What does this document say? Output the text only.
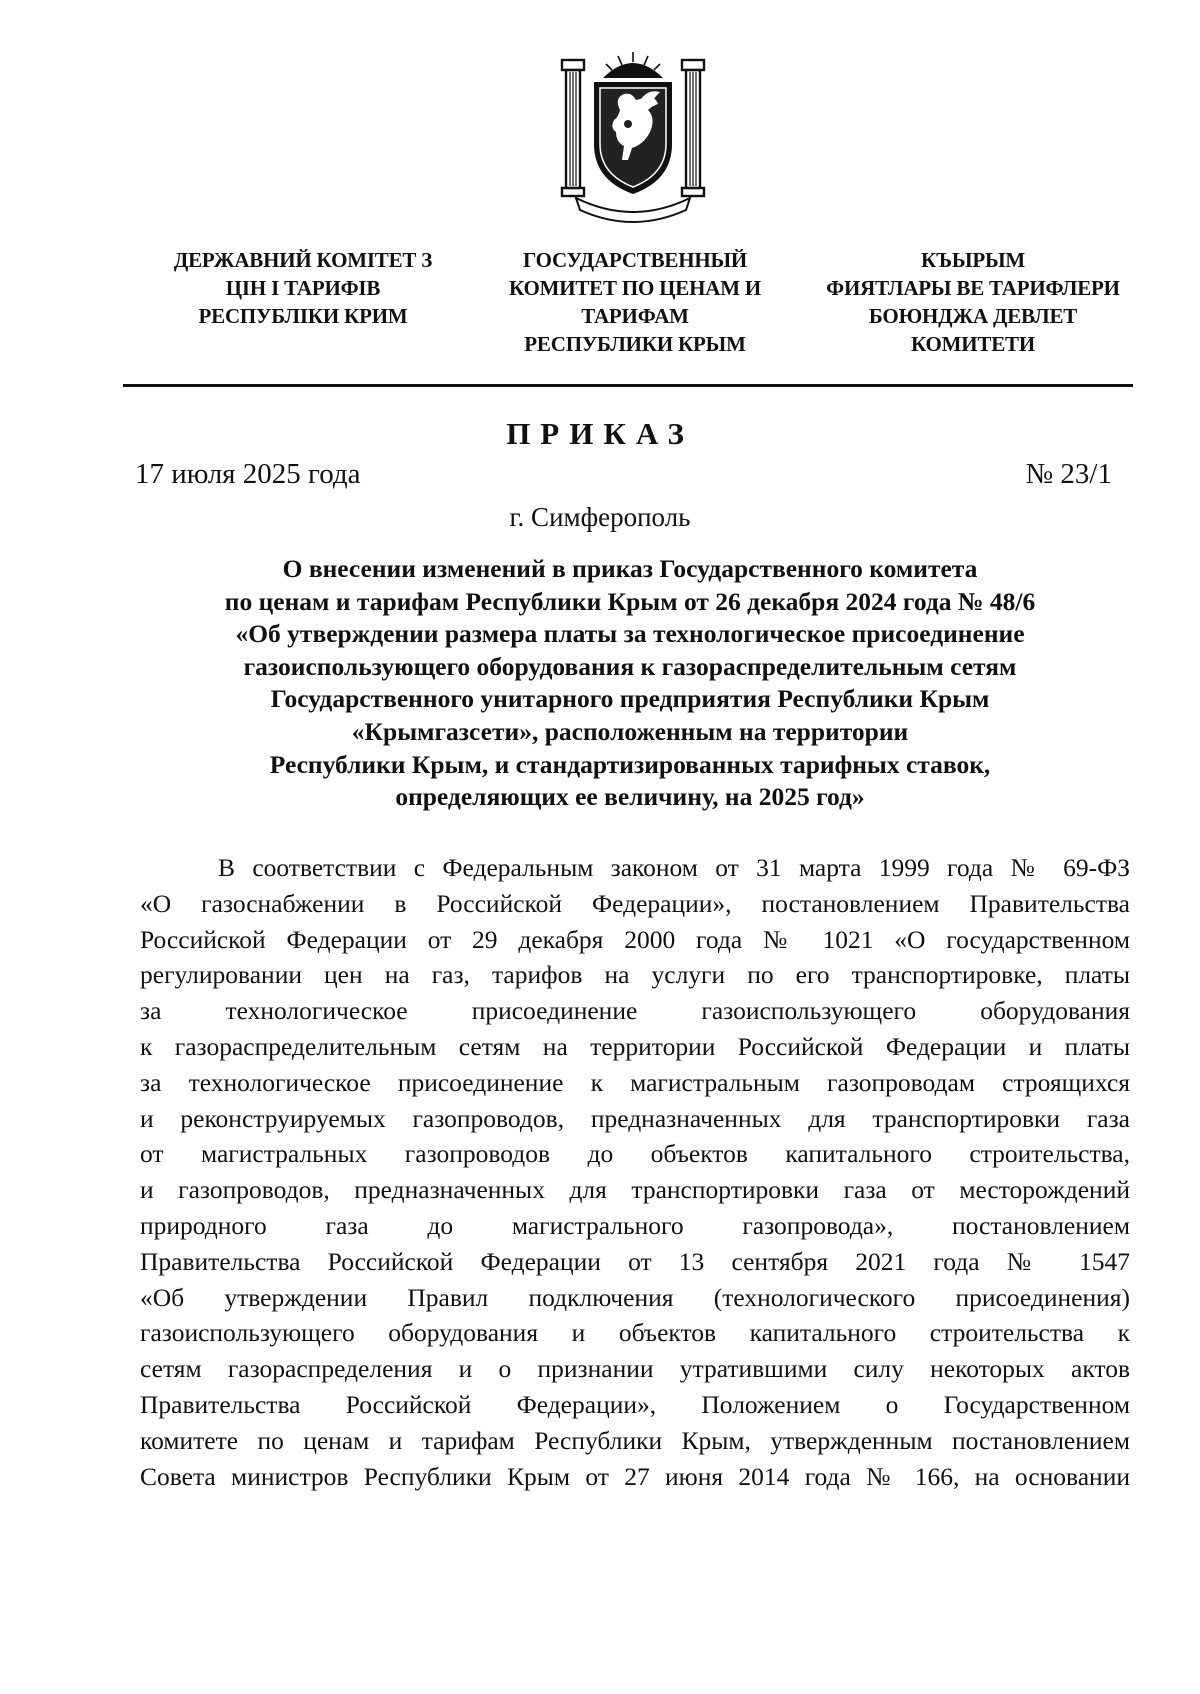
ДЕРЖАВНИЙ КОМІТЕТ З
ЦІН І ТАРИФІВ
РЕСПУБЛІКИ КРИМ
ГОСУДАРСТВЕННЫЙ
КОМИТЕТ ПО ЦЕНАМ И
ТАРИФАМ
РЕСПУБЛИКИ КРЫМ
КЪЫРЫМ
ФИЯТЛАРЫ ВЕ ТАРИФЛЕРИ
БОЮНДЖА ДЕВЛЕТ
КОМИТЕТИ
ПРИКАЗ
17 июля 2025 года	№ 23/1
г. Симферополь
О внесении изменений в приказ Государственного комитета
по ценам и тарифам Республики Крым от 26 декабря 2024 года № 48/6
«Об утверждении размера платы за технологическое присоединение
газоиспользующего оборудования к газораспределительным сетям
Государственного унитарного предприятия Республики Крым
«Крымгазсети», расположенным на территории
Республики Крым, и стандартизированных тарифных ставок,
определяющих ее величину, на 2025 год»
В соответствии с Федеральным законом от 31 марта 1999 года № 69-ФЗ
«О газоснабжении в Российской Федерации», постановлением Правительства
Российской Федерации от 29 декабря 2000 года № 1021 «О государственном
регулировании цен на газ, тарифов на услуги по его транспортировке, платы
за технологическое присоединение газоиспользующего оборудования
к газораспределительным сетям на территории Российской Федерации и платы
за технологическое присоединение к магистральным газопроводам строящихся
и реконструируемых газопроводов, предназначенных для транспортировки газа
от магистральных газопроводов до объектов капитального строительства,
и газопроводов, предназначенных для транспортировки газа от месторождений
природного газа до магистрального газопровода», постановлением
Правительства Российской Федерации от 13 сентября 2021 года № 1547
«Об утверждении Правил подключения (технологического присоединения)
газоиспользующего оборудования и объектов капитального строительства к
сетям газораспределения и о признании утратившими силу некоторых актов
Правительства Российской Федерации», Положением о Государственном
комитете по ценам и тарифам Республики Крым, утвержденным постановлением
Совета министров Республики Крым от 27 июня 2014 года № 166, на основании
